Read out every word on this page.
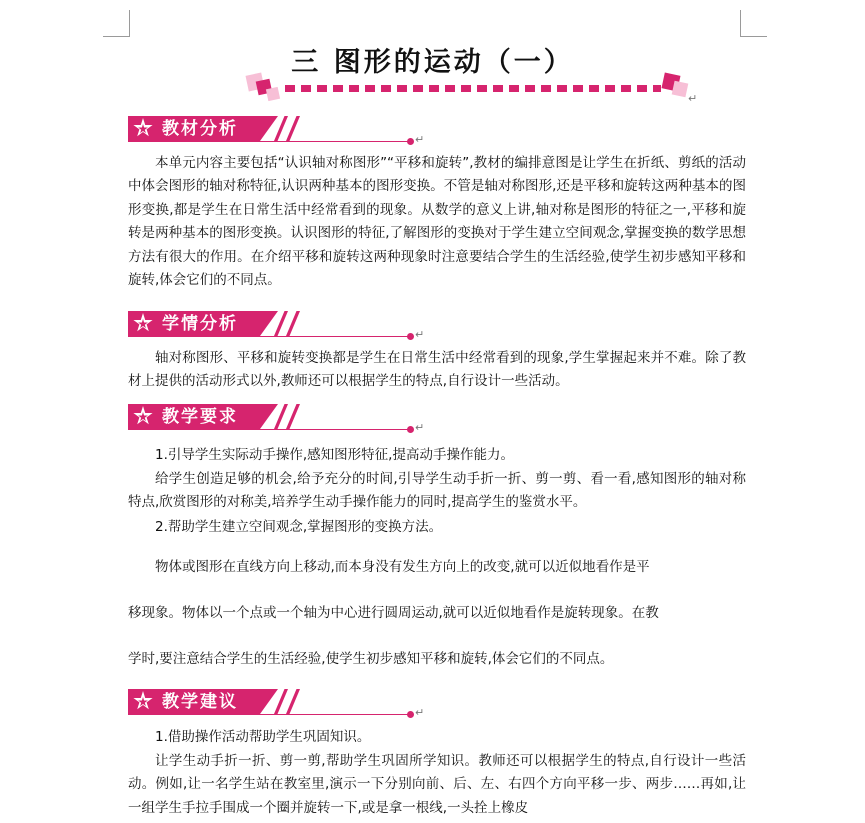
三 图形的运动（一）
↵
教材分析
↵

本单元内容主要包括“认识轴对称图形”“平移和旋转”,教材的编排意图是让学生在折纸、剪纸的活动中体会图形的轴对称特征,认识两种基本的图形变换。不管是轴对称图形,还是平移和旋转这两种基本的图形变换,都是学生在日常生活中经常看到的现象。从数学的意义上讲,轴对称是图形的特征之一,平移和旋转是两种基本的图形变换。认识图形的特征,了解图形的变换对于学生建立空间观念,掌握变换的数学思想方法有很大的作用。在介绍平移和旋转这两种现象时注意要结合学生的生活经验,使学生初步感知平移和旋转,体会它们的不同点。

学情分析
↵

轴对称图形、平移和旋转变换都是学生在日常生活中经常看到的现象,学生掌握起来并不难。除了教材上提供的活动形式以外,教师还可以根据学生的特点,自行设计一些活动。

教学要求
↵

1.引导学生实际动手操作,感知图形特征,提高动手操作能力。

给学生创造足够的机会,给予充分的时间,引导学生动手折一折、剪一剪、看一看,感知图形的轴对称特点,欣赏图形的对称美,培养学生动手操作能力的同时,提高学生的鉴赏水平。

2.帮助学生建立空间观念,掌握图形的变换方法。

物体或图形在直线方向上移动,而本身没有发生方向上的改变,就可以近似地看作是平
移现象。物体以一个点或一个轴为中心进行圆周运动,就可以近似地看作是旋转现象。在教
学时,要注意结合学生的生活经验,使学生初步感知平移和旋转,体会它们的不同点。
教学建议
↵

1.借助操作活动帮助学生巩固知识。

让学生动手折一折、剪一剪,帮助学生巩固所学知识。教师还可以根据学生的特点,自行设计一些活动。例如,让一名学生站在教室里,演示一下分别向前、后、左、右四个方向平移一步、两步……再如,让一组学生手拉手围成一个圈并旋转一下,或是拿一根线,一头拴上橡皮
